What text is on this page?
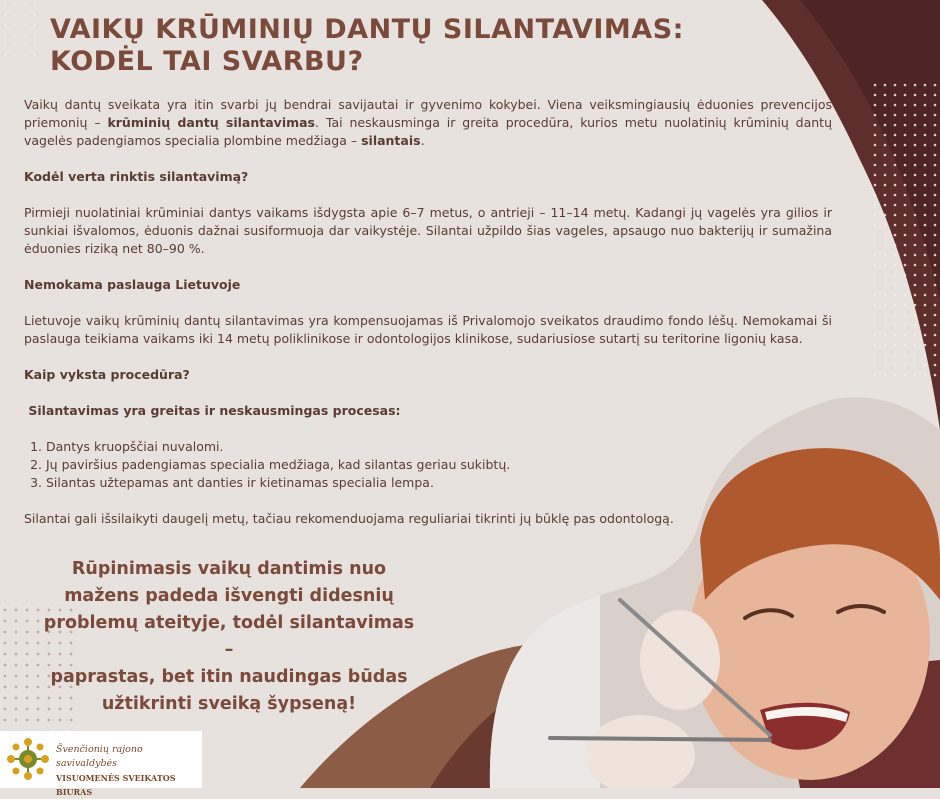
VAIKŲ KRŪMINIŲ DANTŲ SILANTAVIMAS:
KODĖL TAI SVARBU?

Vaikų dantų sveikata yra itin svarbi jų bendrai savijautai ir gyvenimo kokybei. Viena veiksmingiausių ėduonies prevencijos priemonių – krūminių dantų silantavimas. Tai neskausminga ir greita procedūra, kurios metu nuolatinių krūminių dantų vagelės padengiamos specialia plombine medžiaga – silantais.

Kodėl verta rinktis silantavimą?

Pirmieji nuolatiniai krūminiai dantys vaikams išdygsta apie 6–7 metus, o antrieji – 11–14 metų. Kadangi jų vagelės yra gilios ir sunkiai išvalomos, ėduonis dažnai susiformuoja dar vaikystėje. Silantai užpildo šias vageles, apsaugo nuo bakterijų ir sumažina ėduonies riziką net 80–90 %.

Nemokama paslauga Lietuvoje

Lietuvoje vaikų krūminių dantų silantavimas yra kompensuojamas iš Privalomojo sveikatos draudimo fondo lėšų. Nemokamai ši paslauga teikiama vaikams iki 14 metų poliklinikose ir odontologijos klinikose, sudariusiose sutartį su teritorine ligonių kasa.

Kaip vyksta procedūra?

Silantavimas yra greitas ir neskausmingas procesas:

1. Dantys kruopščiai nuvalomi.
2. Jų paviršius padengiamas specialia medžiaga, kad silantas geriau sukibtų.
3. Silantas užtepamas ant danties ir kietinamas specialia lempa.

Silantai gali išsilaikyti daugelį metų, tačiau rekomenduojama reguliariai tikrinti jų būklę pas odontologą.

Rūpinimasis vaikų dantimis nuo
mažens padeda išvengti didesnių
problemų ateityje, todėl silantavimas –
paprastas, bet itin naudingas būdas
užtikrinti sveiką šypseną!
Švenčionių rajono savivaldybės
VISUOMENĖS SVEIKATOS BIURAS
